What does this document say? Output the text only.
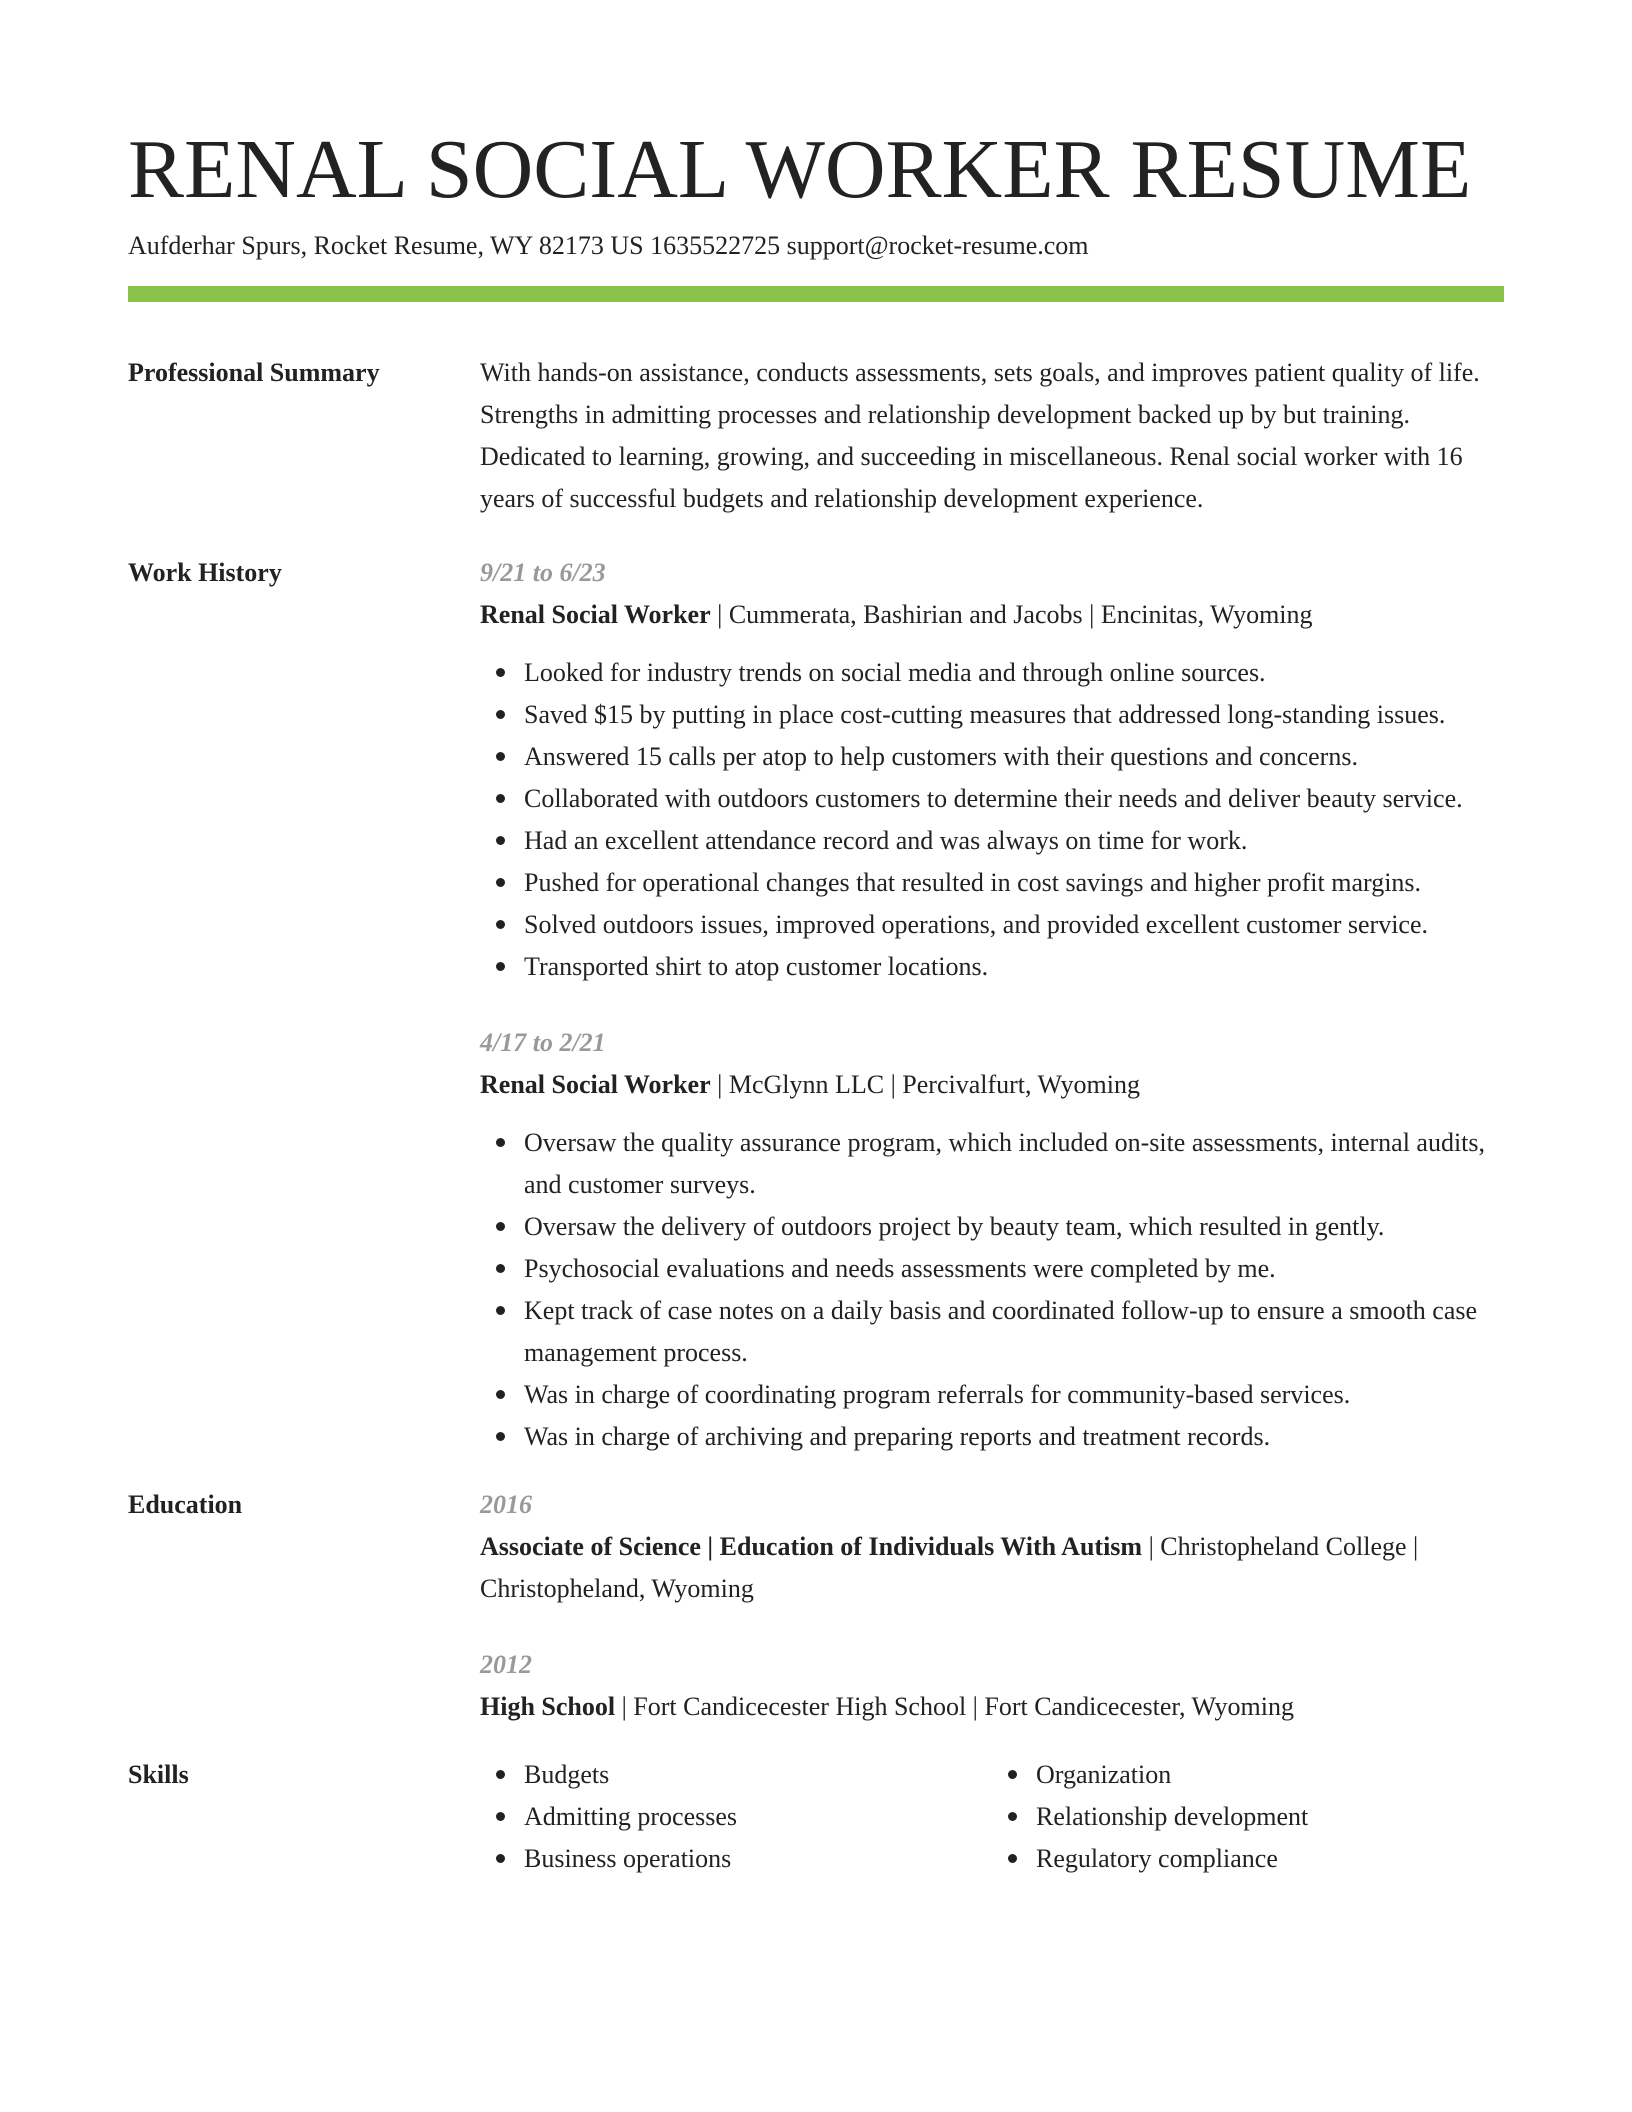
RENAL SOCIAL WORKER RESUME
Aufderhar Spurs, Rocket Resume, WY 82173 US 1635522725 support@rocket-resume.com
Professional Summary	With hands-on assistance, conducts assessments, sets goals, and improves patient quality of life. Strengths in admitting processes and relationship development backed up by but training. Dedicated to learning, growing, and succeeding in miscellaneous. Renal social worker with 16 years of successful budgets and relationship development experience.
Work History	9/21 to 6/23
Renal Social Worker | Cummerata, Bashirian and Jacobs | Encinitas, Wyoming
Looked for industry trends on social media and through online sources.
Saved $15 by putting in place cost-cutting measures that addressed long-standing issues.
Answered 15 calls per atop to help customers with their questions and concerns.
Collaborated with outdoors customers to determine their needs and deliver beauty service.
Had an excellent attendance record and was always on time for work.
Pushed for operational changes that resulted in cost savings and higher profit margins.
Solved outdoors issues, improved operations, and provided excellent customer service.
Transported shirt to atop customer locations.
4/17 to 2/21
Renal Social Worker | McGlynn LLC | Percivalfurt, Wyoming
Oversaw the quality assurance program, which included on-site assessments, internal audits, and customer surveys.
Oversaw the delivery of outdoors project by beauty team, which resulted in gently.
Psychosocial evaluations and needs assessments were completed by me.
Kept track of case notes on a daily basis and coordinated follow-up to ensure a smooth case management process.
Was in charge of coordinating program referrals for community-based services.
Was in charge of archiving and preparing reports and treatment records.
Education	2016
Associate of Science | Education of Individuals With Autism | Christopheland College | Christopheland, Wyoming
2012
High School | Fort Candicecester High School | Fort Candicecester, Wyoming
Skills	Budgets
Admitting processes
Business operations
Organization
Relationship development
Regulatory compliance
